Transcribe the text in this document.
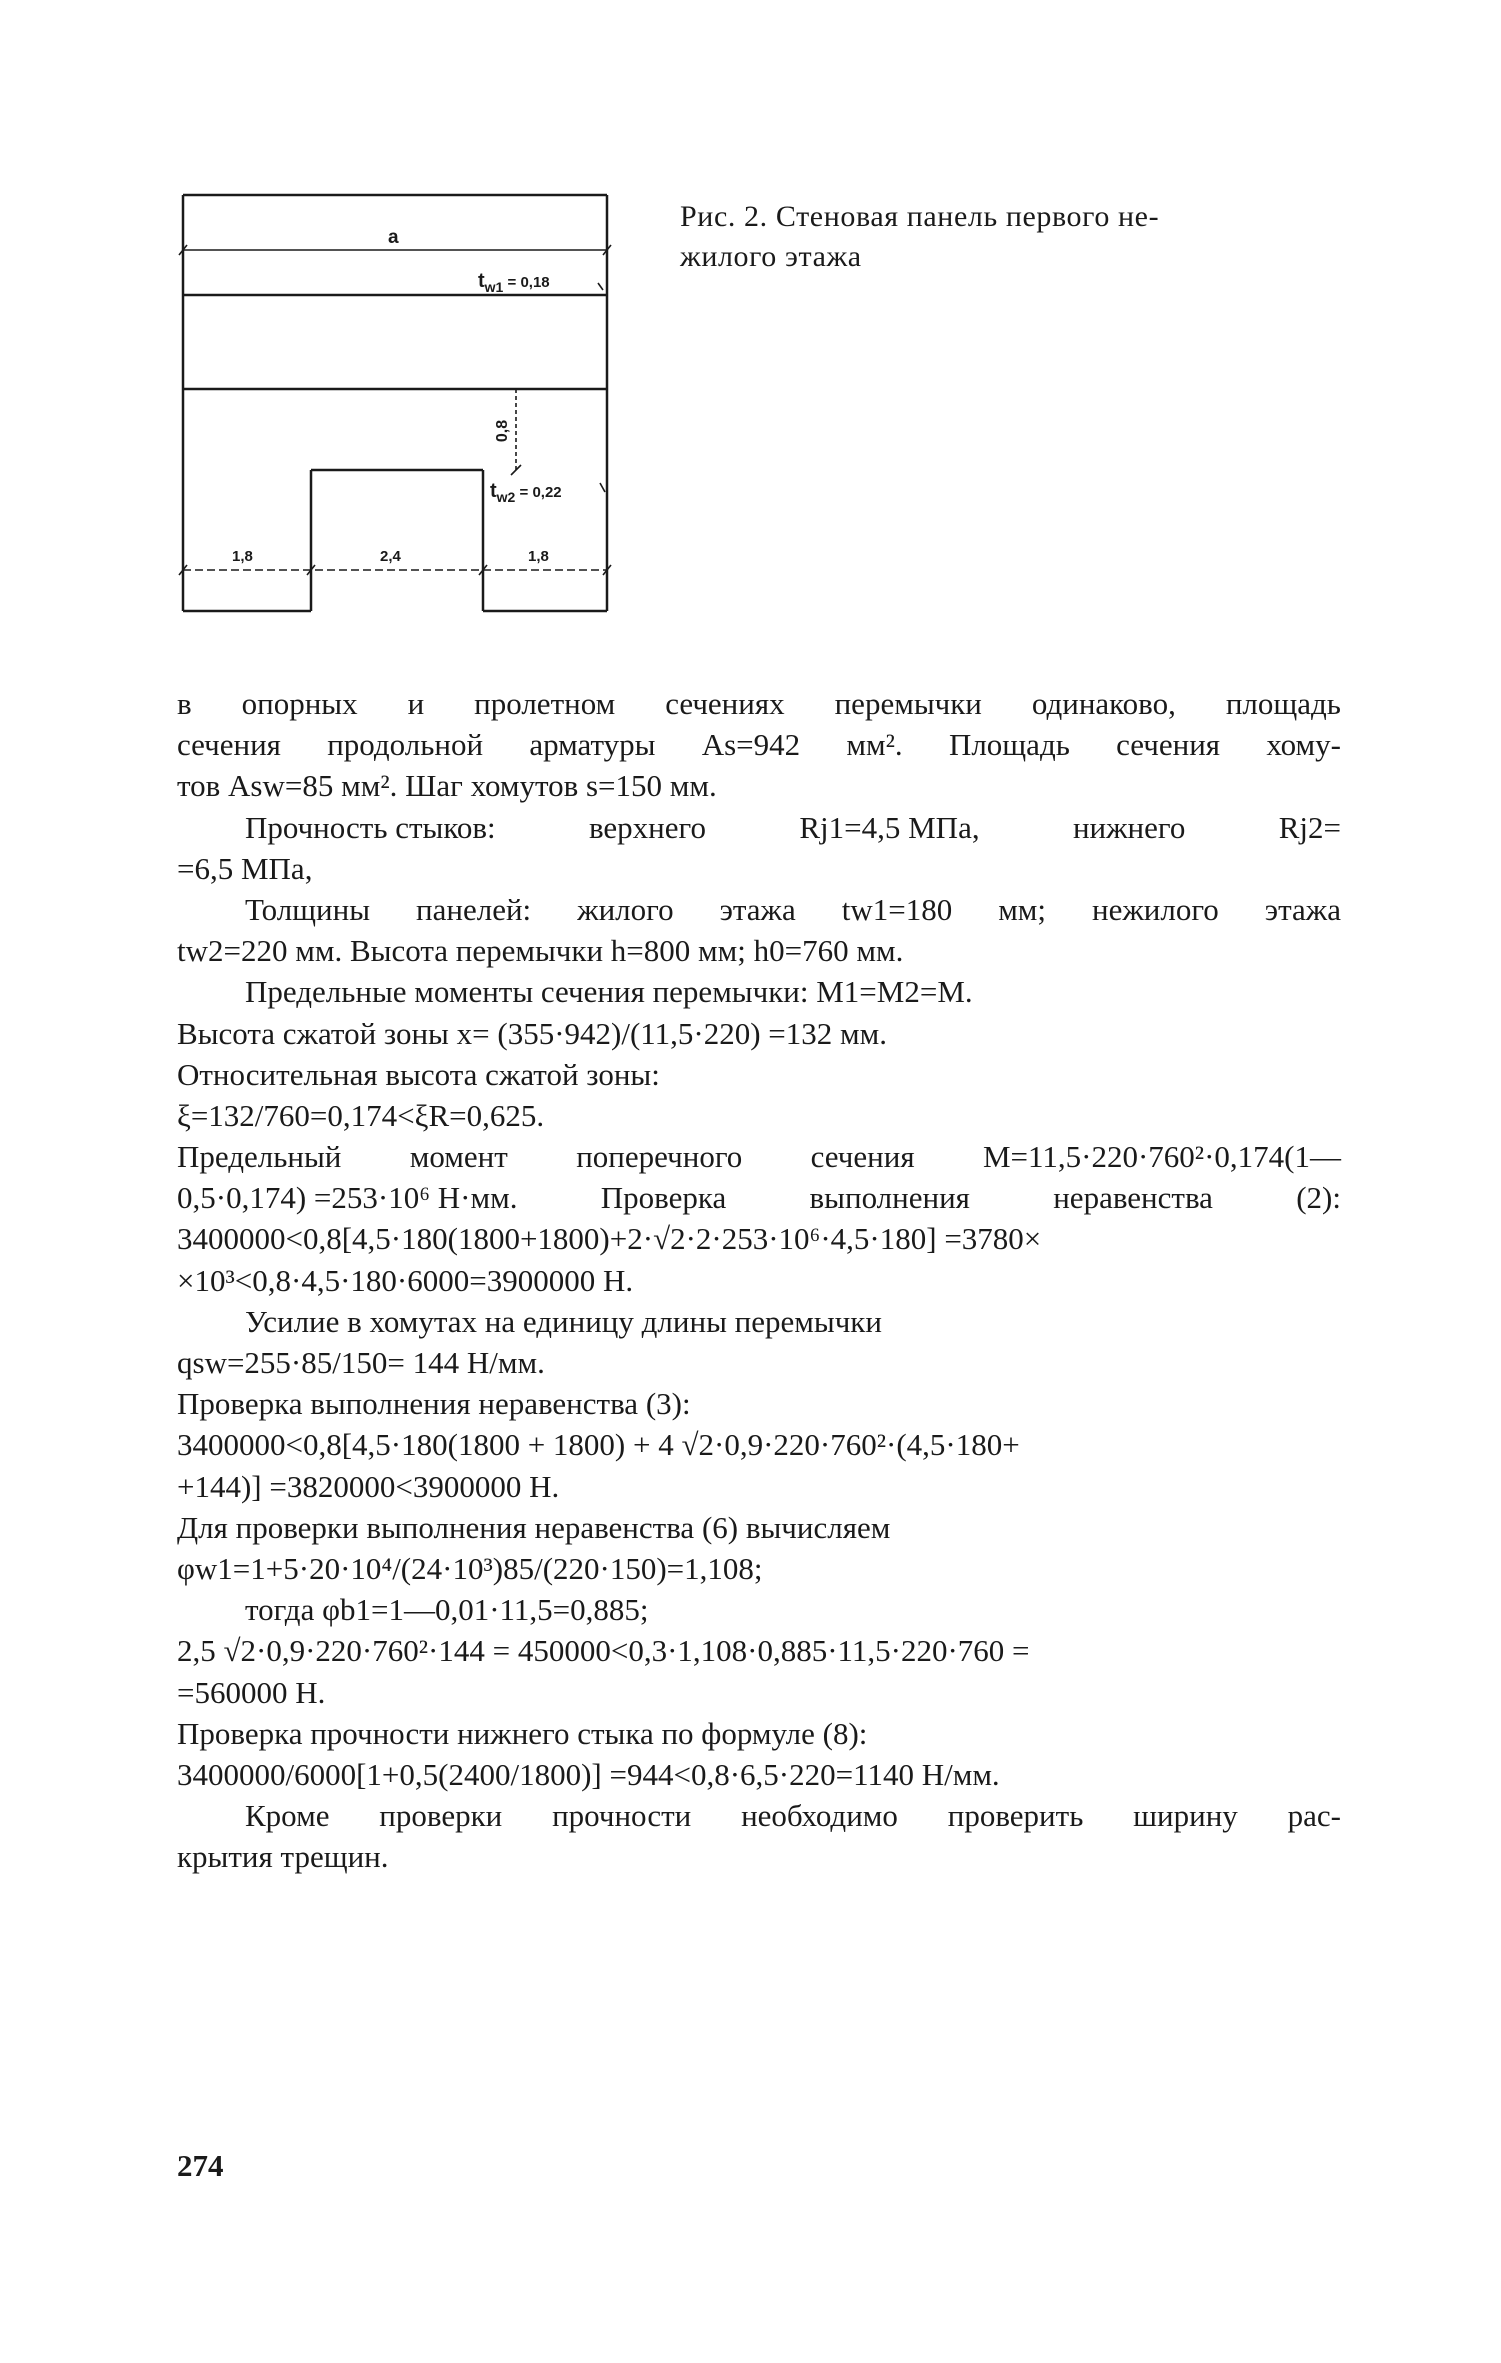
a
$t_{w1}$ $^{= 0,18}$
0,8
$t_{w2}$ $^{= 0,22}$
1,8	2,4	1,8
Рис. 2. Стеновая панель первого не-
жилого этажа
в опорных и пролетном сечениях перемычки одинаково, площадь
сечения продольной арматуры As=942 мм². Площадь сечения хому-
тов Asw=85 мм². Шаг хомутов s=150 мм.
Прочность стыков:	верхнего	Rj1=4,5 МПа,	нижнего	Rj2=
=6,5 МПа,
Толщины панелей: жилого этажа tw1=180 мм; нежилого этажа
tw2=220 мм. Высота перемычки h=800 мм; h0=760 мм.
Предельные моменты сечения перемычки: M1=M2=M.
Высота сжатой зоны x= (355·942)/(11,5·220) =132 мм.
Относительная высота сжатой зоны:
ξ=132/760=0,174<ξR=0,625.
Предельный момент поперечного сечения M=11,5·220·760²·0,174(1—
0,5·0,174) =253·10⁶ Н·мм.	Проверка	выполнения	неравенства	(2):
3400000<0,8[4,5·180(1800+1800)+2·√2·2·253·10⁶·4,5·180] =3780×
×10³<0,8·4,5·180·6000=3900000 Н.
Усилие в хомутах на единицу длины перемычки
qsw=255·85/150= 144 Н/мм.
Проверка выполнения неравенства (3):
3400000<0,8[4,5·180(1800 + 1800) + 4 √2·0,9·220·760²·(4,5·180+
+144)] =3820000<3900000 Н.
Для проверки выполнения неравенства (6) вычисляем
φw1=1+5·20·10⁴/(24·10³)85/(220·150)=1,108;
тогда φb1=1—0,01·11,5=0,885;
2,5 √2·0,9·220·760²·144 = 450000<0,3·1,108·0,885·11,5·220·760 =
=560000 Н.
Проверка прочности нижнего стыка по формуле (8):
3400000/6000[1+0,5(2400/1800)] =944<0,8·6,5·220=1140 Н/мм.
Кроме проверки прочности необходимо проверить ширину рас-
крытия трещин.
274
